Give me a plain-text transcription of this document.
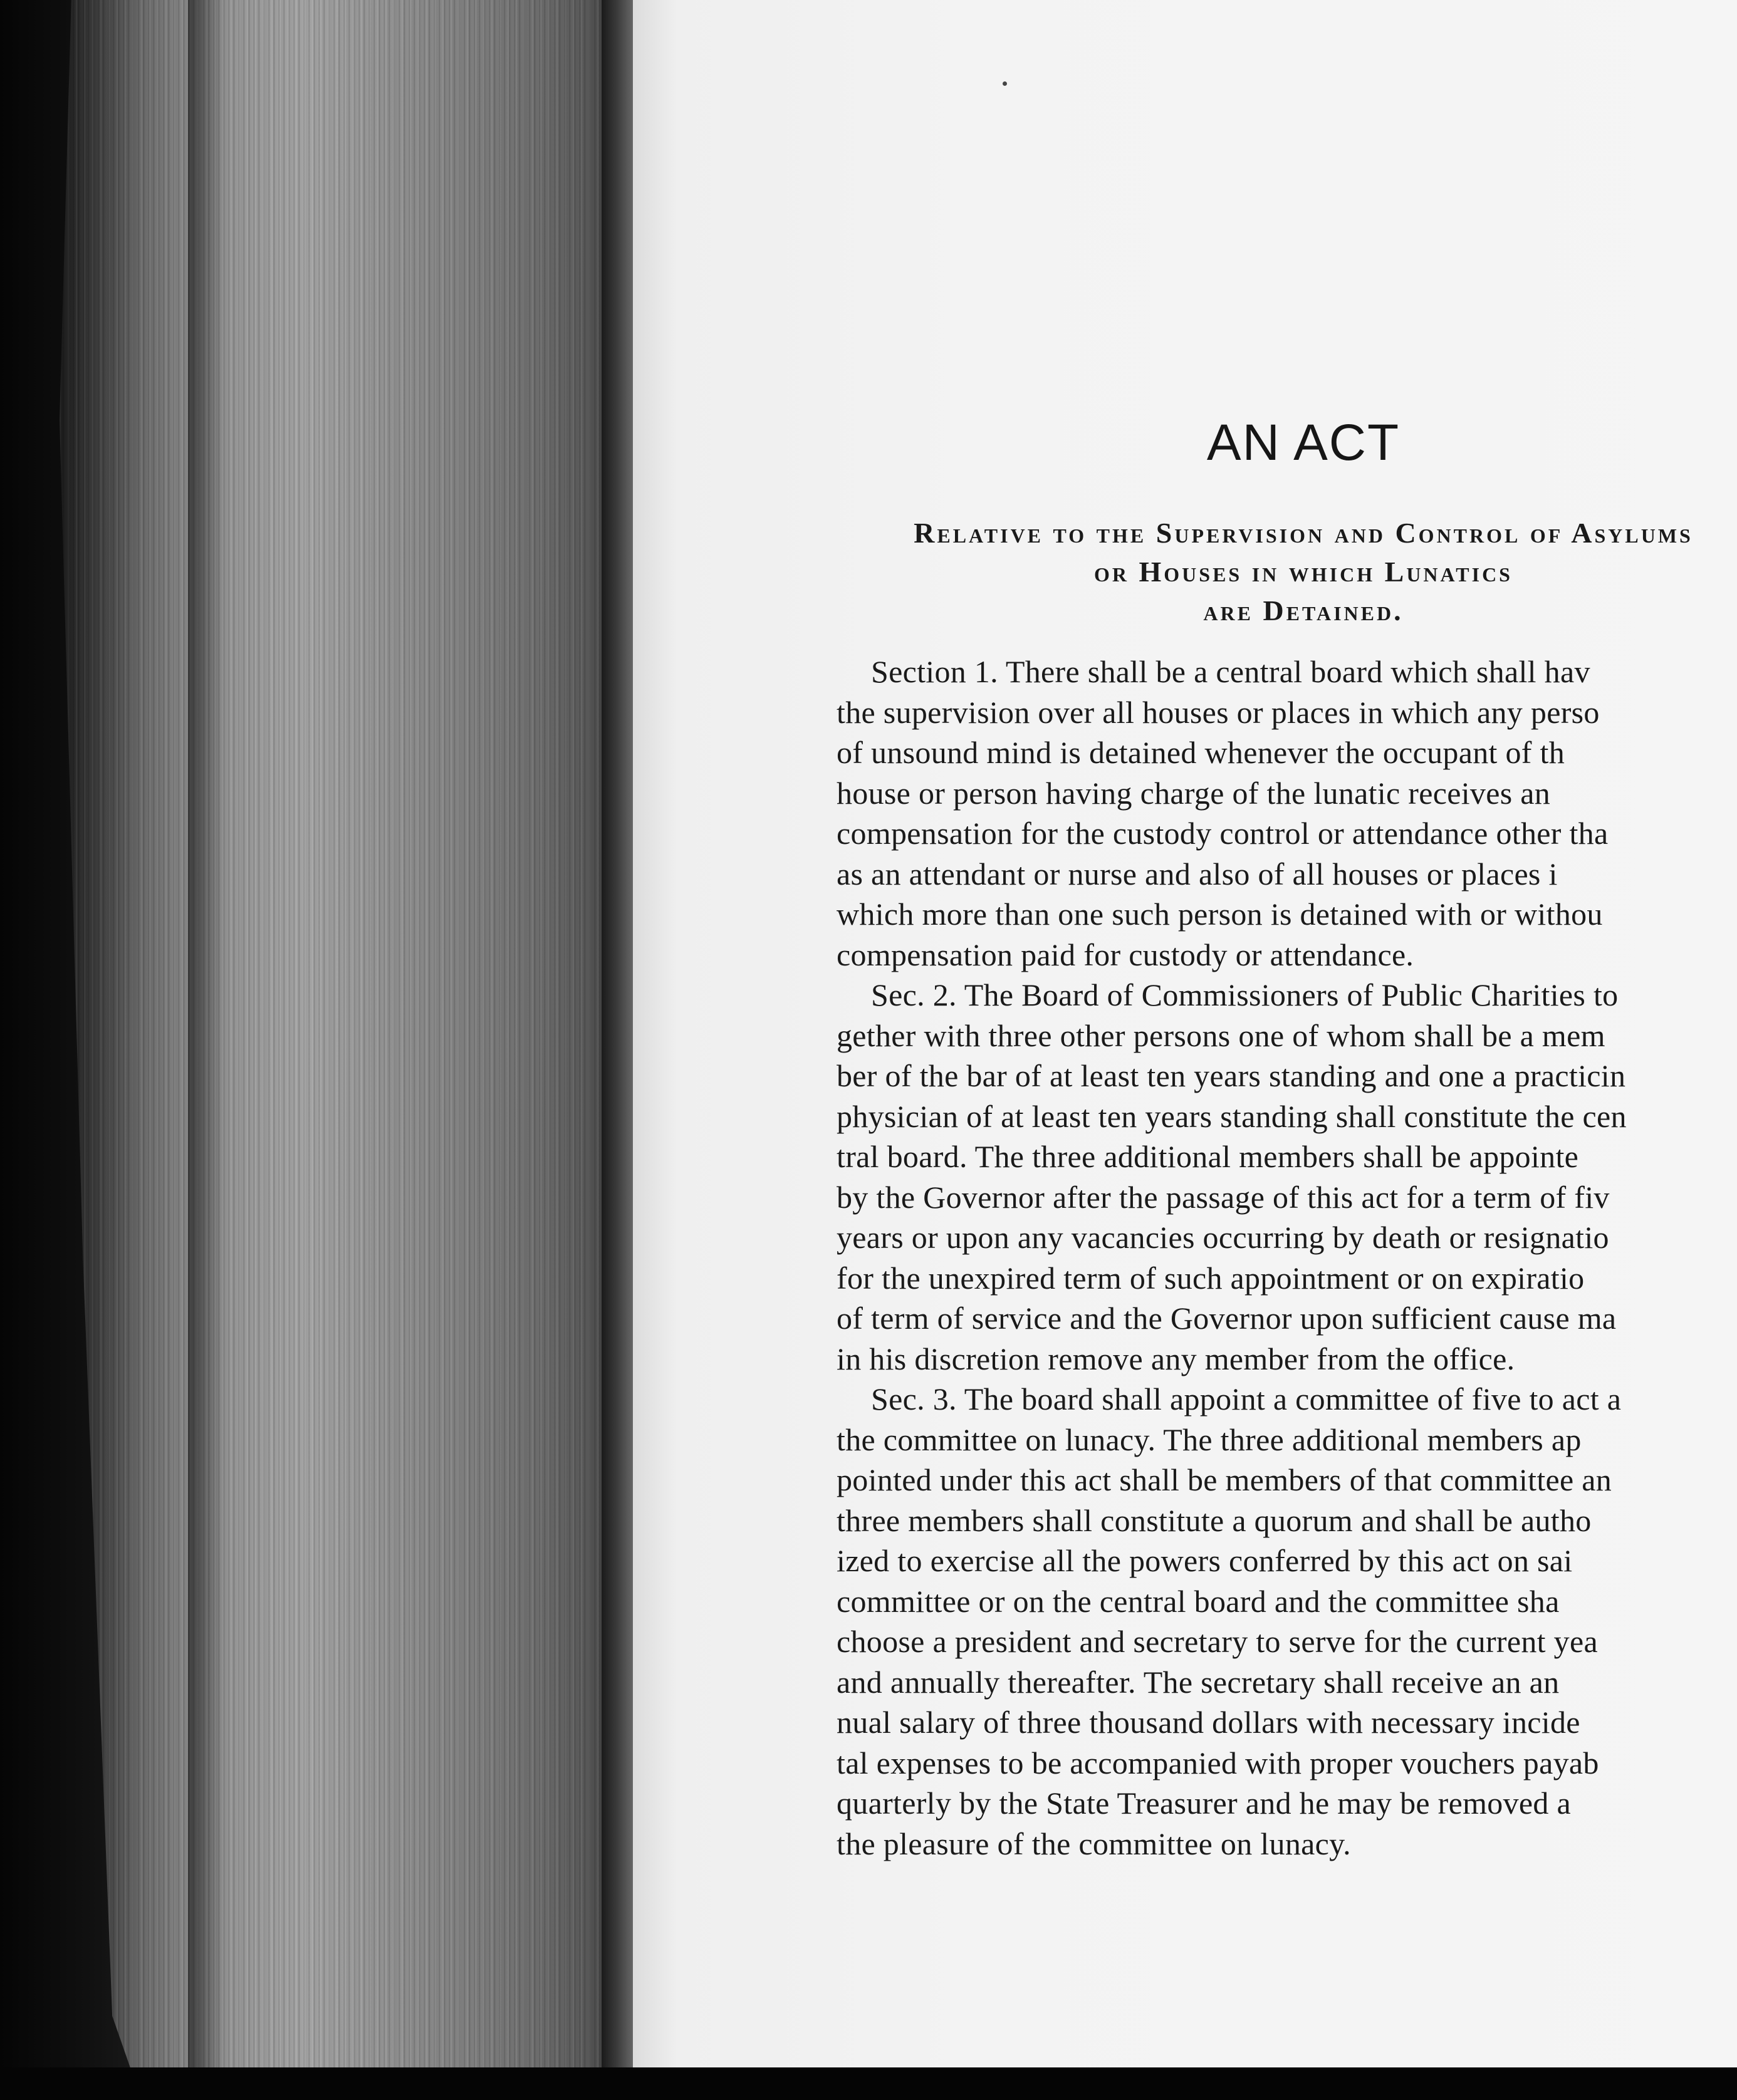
AN ACT
Relative to the Supervision and Control of Asylums
or Houses in which Lunatics
are Detained.
Section 1. There shall be a central board which shall hav
the supervision over all houses or places in which any perso
of unsound mind is detained whenever the occupant of th
house or person having charge of the lunatic receives an
compensation for the custody control or attendance other tha
as an attendant or nurse and also of all houses or places i
which more than one such person is detained with or withou
compensation paid for custody or attendance.
Sec. 2. The Board of Commissioners of Public Charities to
gether with three other persons one of whom shall be a mem
ber of the bar of at least ten years standing and one a practicin
physician of at least ten years standing shall constitute the cen
tral board. The three additional members shall be appointe
by the Governor after the passage of this act for a term of fiv
years or upon any vacancies occurring by death or resignatio
for the unexpired term of such appointment or on expiratio
of term of service and the Governor upon sufficient cause ma
in his discretion remove any member from the office.
Sec. 3. The board shall appoint a committee of five to act a
the committee on lunacy. The three additional members ap
pointed under this act shall be members of that committee an
three members shall constitute a quorum and shall be autho
ized to exercise all the powers conferred by this act on sai
committee or on the central board and the committee sha
choose a president and secretary to serve for the current yea
and annually thereafter. The secretary shall receive an an
nual salary of three thousand dollars with necessary incide
tal expenses to be accompanied with proper vouchers payab
quarterly by the State Treasurer and he may be removed a
the pleasure of the committee on lunacy.
